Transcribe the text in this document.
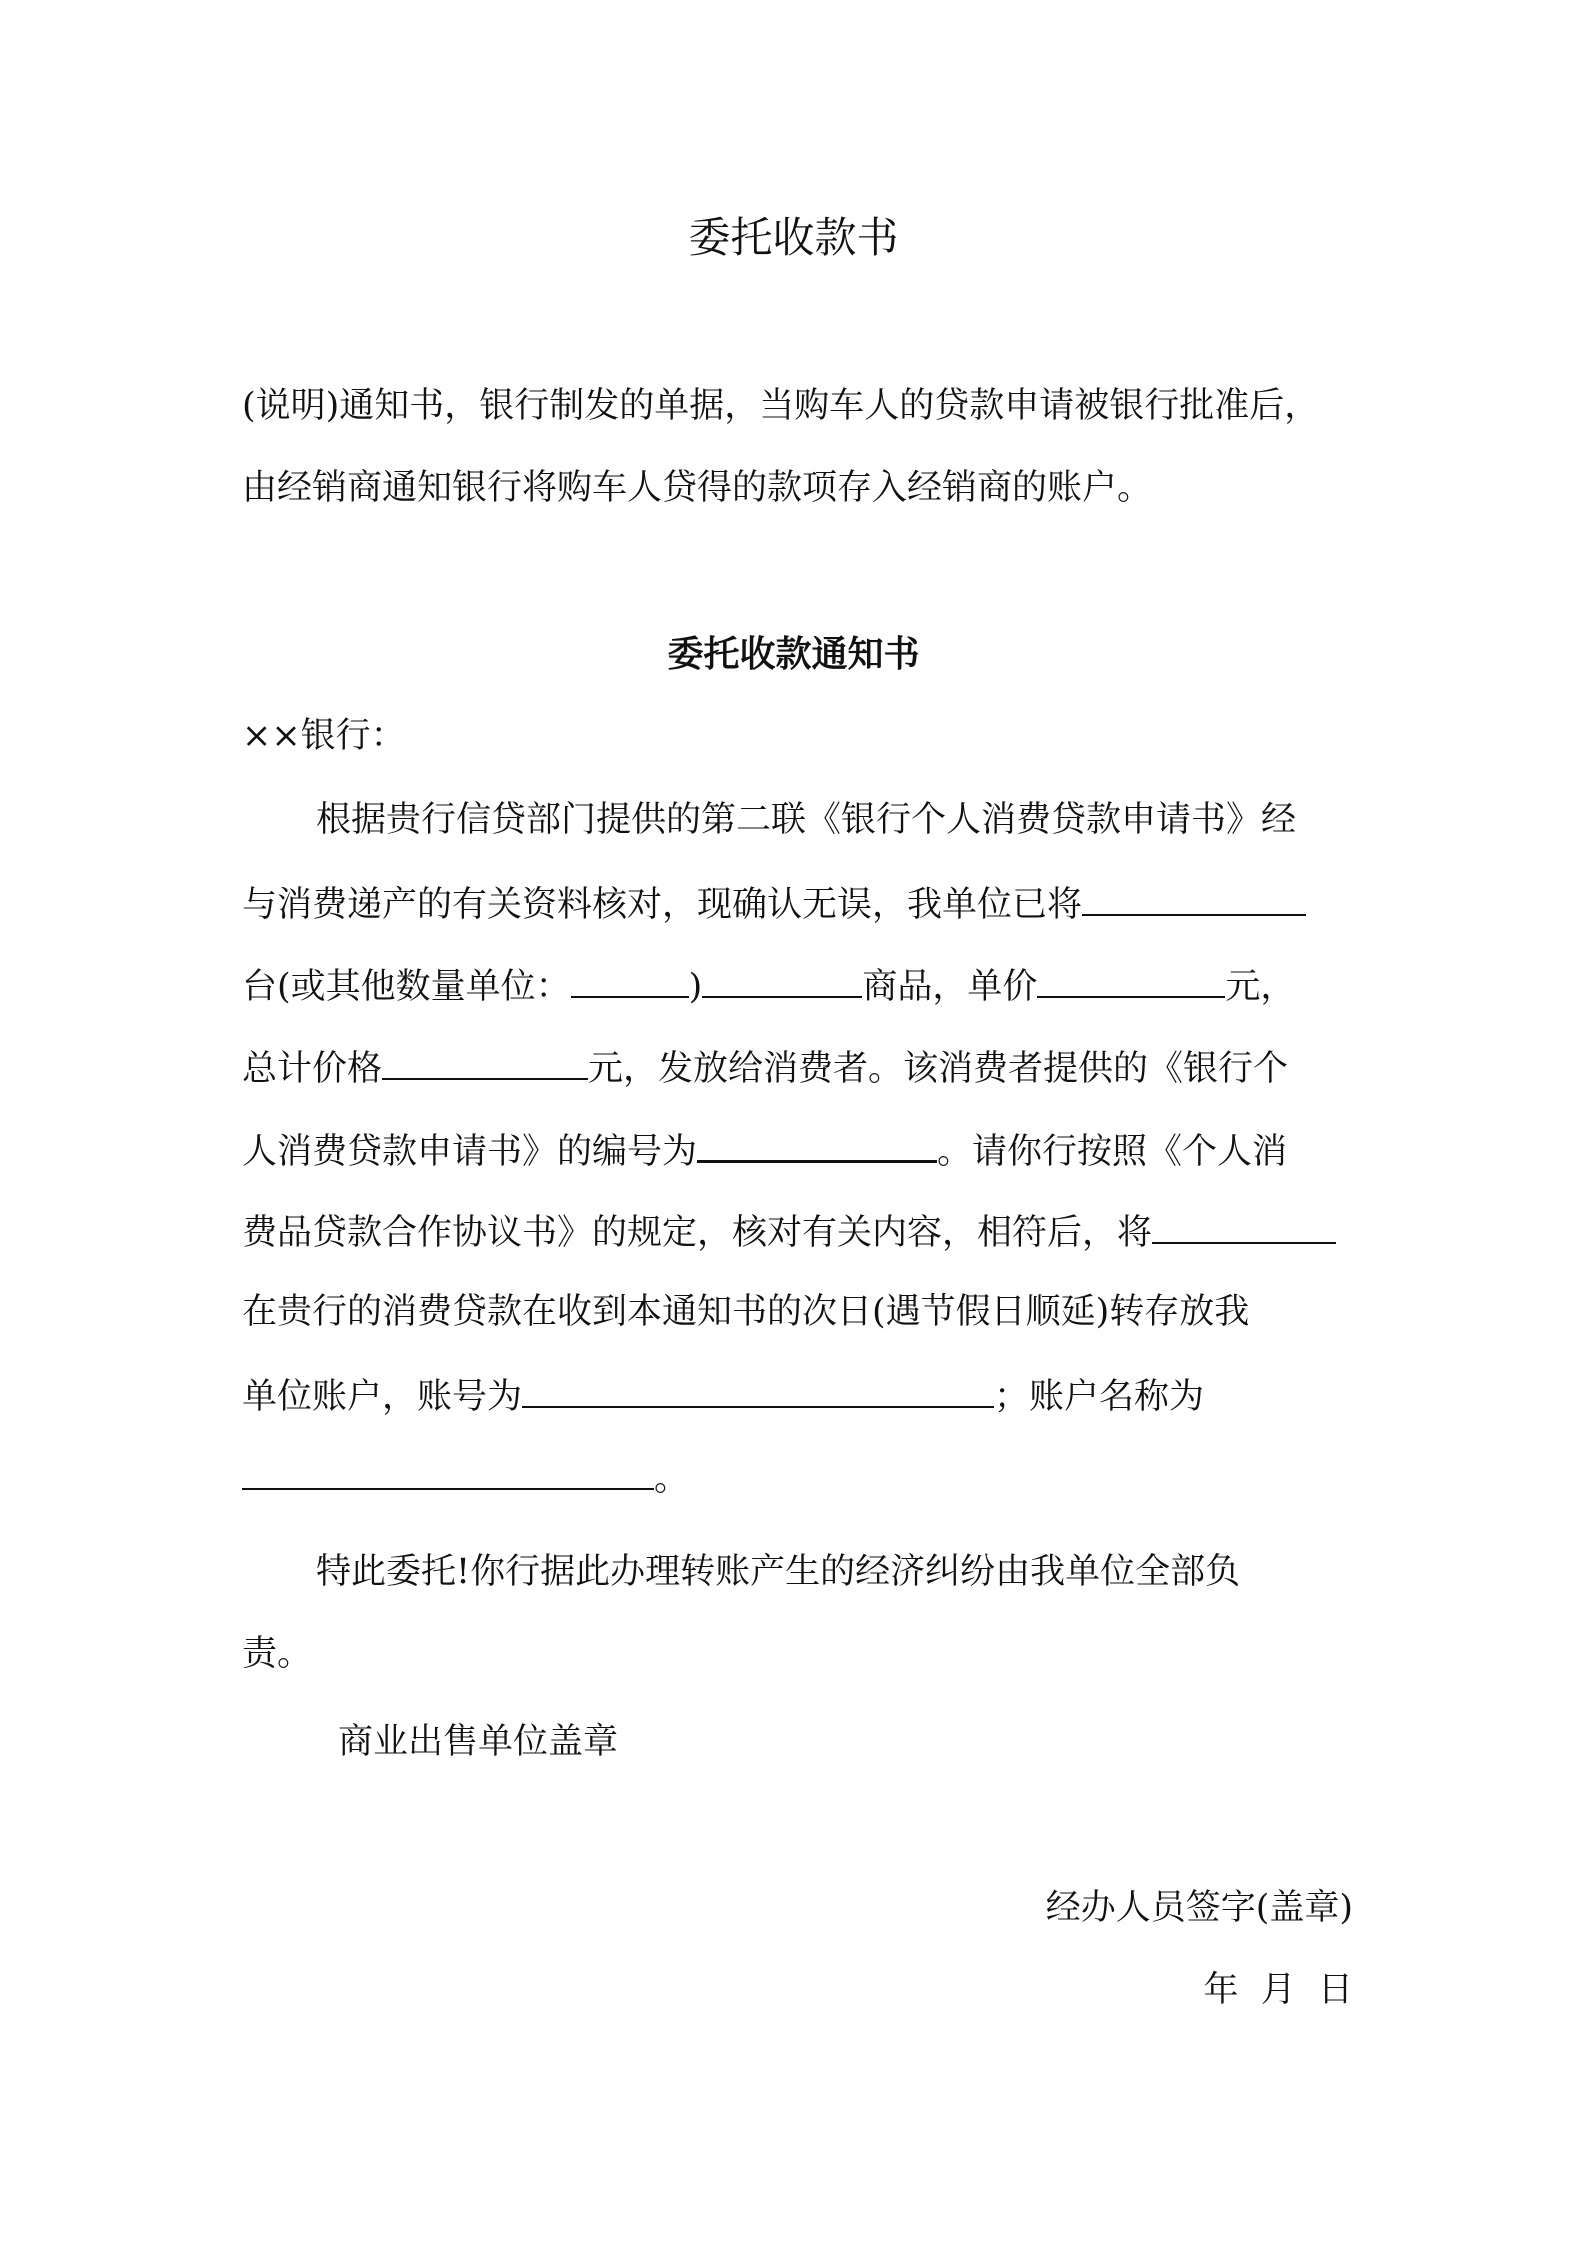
委托收款书
(说明)通知书，银行制发的单据，当购车人的贷款申请被银行批准后，
由经销商通知银行将购车人贷得的款项存入经销商的账户。
委托收款通知书
××银行：
根据贵行信贷部门提供的第二联《银行个人消费贷款申请书》经
与消费递产的有关资料核对，现确认无误，我单位已将
台(或其他数量单位：	)	商品，单价	元，
总计价格	元，发放给消费者。该消费者提供的《银行个
人消费贷款申请书》的编号为	。请你行按照《个人消
费品贷款合作协议书》的规定，核对有关内容，相符后，将
在贵行的消费贷款在收到本通知书的次日(遇节假日顺延)转存放我
单位账户，账号为	；账户名称为
。
特此委托!你行据此办理转账产生的经济纠纷由我单位全部负
责。
商业出售单位盖章
经办人员签字(盖章)
年  月  日
